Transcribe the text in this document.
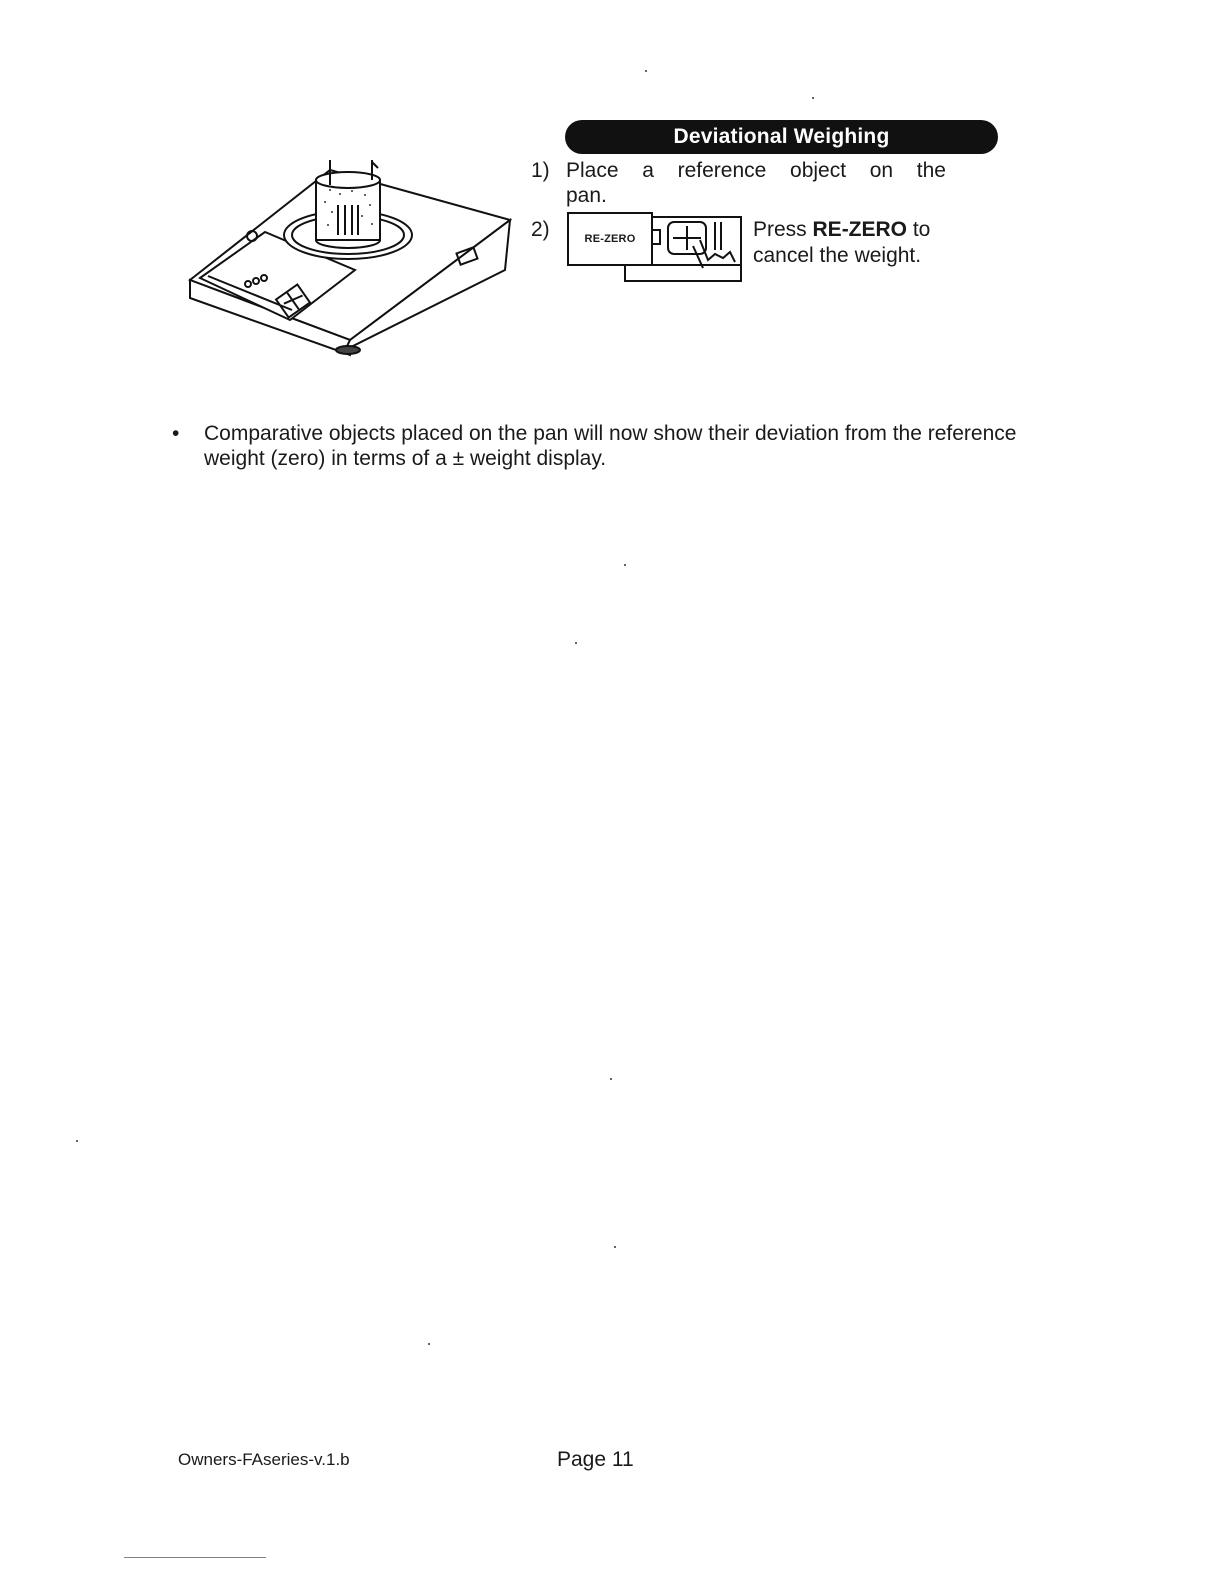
Deviational Weighing
1) Place a reference object on the pan.
2)	RE-ZERO	Press RE-ZERO to cancel the weight.
• Comparative objects placed on the pan will now show their deviation from the reference weight (zero) in terms of a ± weight display.
Owners-FAseries-v.1.b	Page 11
